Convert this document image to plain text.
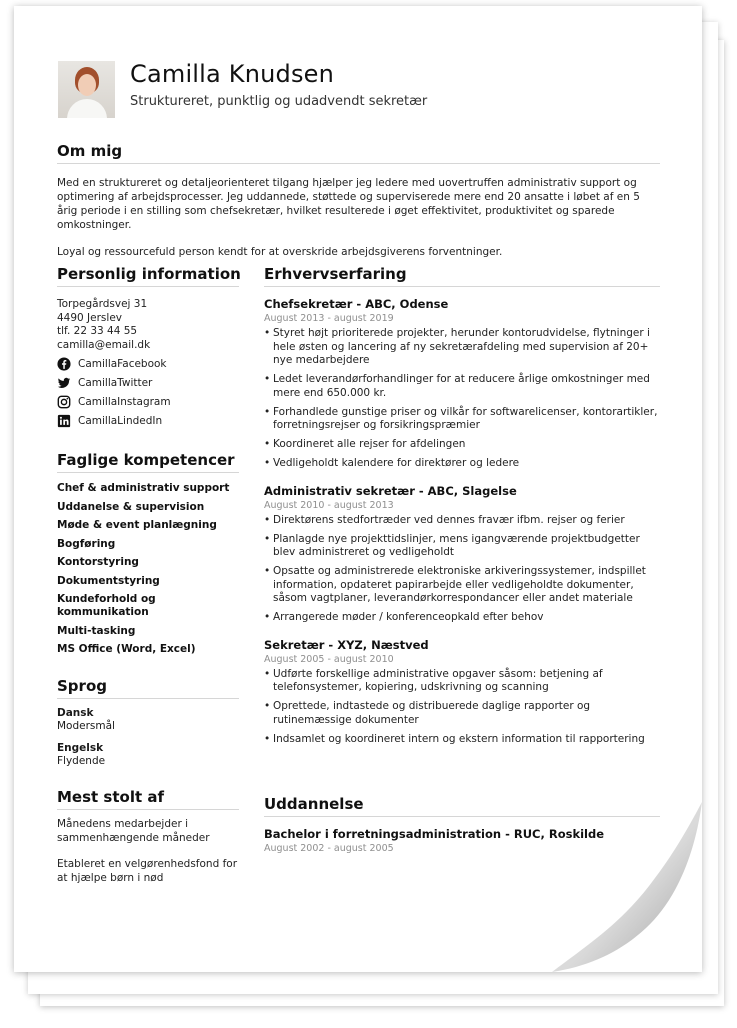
Camilla Knudsen
Struktureret, punktlig og udadvendt sekretær
Om mig
Med en struktureret og detaljeorienteret tilgang hjælper jeg ledere med uovertruffen administrativ support og optimering af arbejdsprocesser. Jeg uddannede, støttede og superviserede mere end 20 ansatte i løbet af en 5 årig periode i en stilling som chefsekretær, hvilket resulterede i øget effektivitet, produktivitet og sparede omkostninger.
Loyal og ressourcefuld person kendt for at overskride arbejdsgiverens forventninger.
Personlig information
Torpegårdsvej 31
4490 Jerslev
tlf. 22 33 44 55
camilla@email.dk
CamillaFacebook
CamillaTwitter
CamillaInstagram
CamillaLindedIn
Faglige kompetencer
Chef & administrativ support
Uddanelse & supervision
Møde & event planlægning
Bogføring
Kontorstyring
Dokumentstyring
Kundeforhold og kommunikation
Multi-tasking
MS Office (Word, Excel)
Sprog
Dansk
Modersmål
Engelsk
Flydende
Mest stolt af
Månedens medarbejder i sammenhængende måneder
Etableret en velgørenhedsfond for at hjælpe børn i nød
Erhvervserfaring
Chefsekretær - ABC, Odense
August 2013 - august 2019
• Styret højt prioriterede projekter, herunder kontorudvidelse, flytninger i hele østen og lancering af ny sekretærafdeling med supervision af 20+ nye medarbejdere
• Ledet leverandørforhandlinger for at reducere årlige omkostninger med mere end 650.000 kr.
• Forhandlede gunstige priser og vilkår for softwarelicenser, kontorartikler, forretningsrejser og forsikringspræmier
• Koordineret alle rejser for afdelingen
• Vedligeholdt kalendere for direktører og ledere
Administrativ sekretær - ABC, Slagelse
August 2010 - august 2013
• Direktørens stedfortræder ved dennes fravær ifbm. rejser og ferier
• Planlagde nye projekttidslinjer, mens igangværende projektbudgetter blev administreret og vedligeholdt
• Opsatte og administrerede elektroniske arkiveringssystemer, indspillet information, opdateret papirarbejde eller vedligeholdte dokumenter, såsom vagtplaner, leverandørkorrespondancer eller andet materiale
• Arrangerede møder / konferenceopkald efter behov
Sekretær - XYZ, Næstved
August 2005 - august 2010
• Udførte forskellige administrative opgaver såsom: betjening af telefonsystemer, kopiering, udskrivning og scanning
• Oprettede, indtastede og distribuerede daglige rapporter og rutinemæssige dokumenter
• Indsamlet og koordineret intern og ekstern information til rapportering
Uddannelse
Bachelor i forretningsadministration - RUC, Roskilde
August 2002 - august 2005
